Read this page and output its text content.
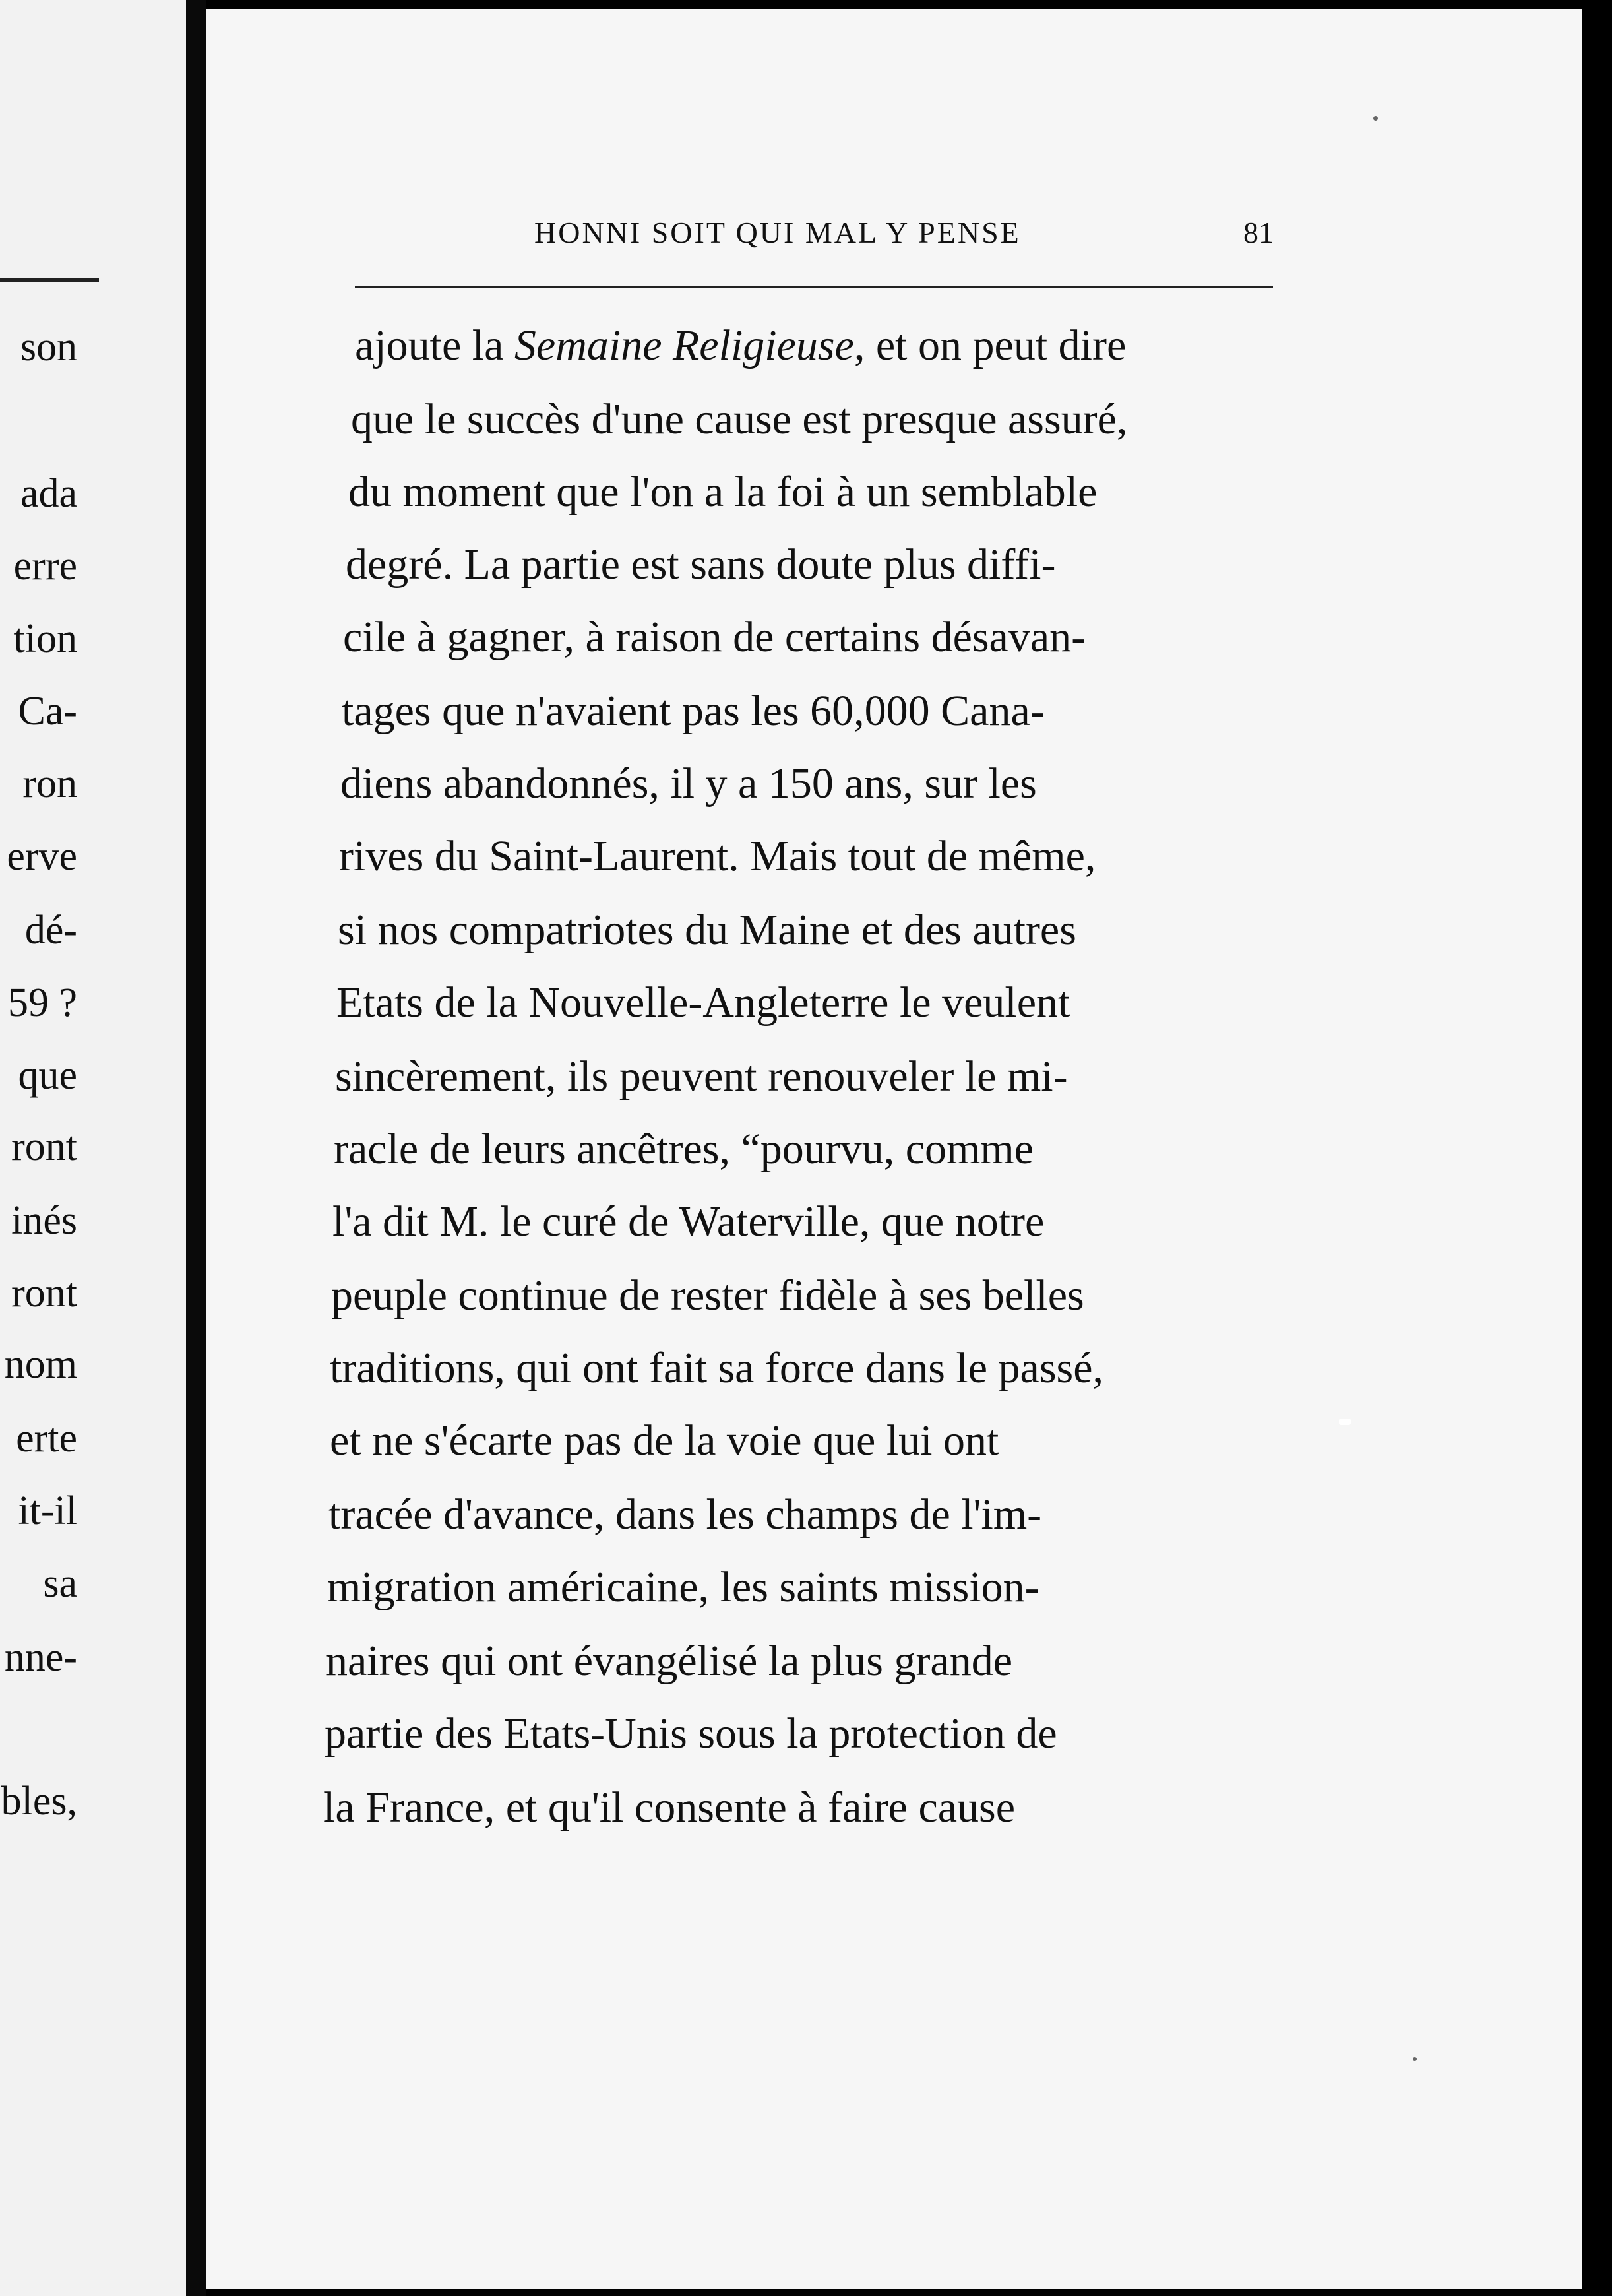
son
ada
erre
tion
Ca-
ron
erve
dé-
59 ?
que
ront
inés
ront
nom
erte
it-il
sa
nne-
bles,
HONNI SOIT QUI MAL Y PENSE	81
ajoute la Semaine Religieuse, et on peut dire
que le succès d'une cause est presque assuré,
du moment que l'on a la foi à un semblable
degré. La partie est sans doute plus diffi-
cile à gagner, à raison de certains désavan-
tages que n'avaient pas les 60,000 Cana-
diens abandonnés, il y a 150 ans, sur les
rives du Saint-Laurent. Mais tout de même,
si nos compatriotes du Maine et des autres
Etats de la Nouvelle-Angleterre le veulent
sincèrement, ils peuvent renouveler le mi-
racle de leurs ancêtres, “pourvu, comme
l'a dit M. le curé de Waterville, que notre
peuple continue de rester fidèle à ses belles
traditions, qui ont fait sa force dans le passé,
et ne s'écarte pas de la voie que lui ont
tracée d'avance, dans les champs de l'im-
migration américaine, les saints mission-
naires qui ont évangélisé la plus grande
partie des Etats-Unis sous la protection de
la France, et qu'il consente à faire cause
